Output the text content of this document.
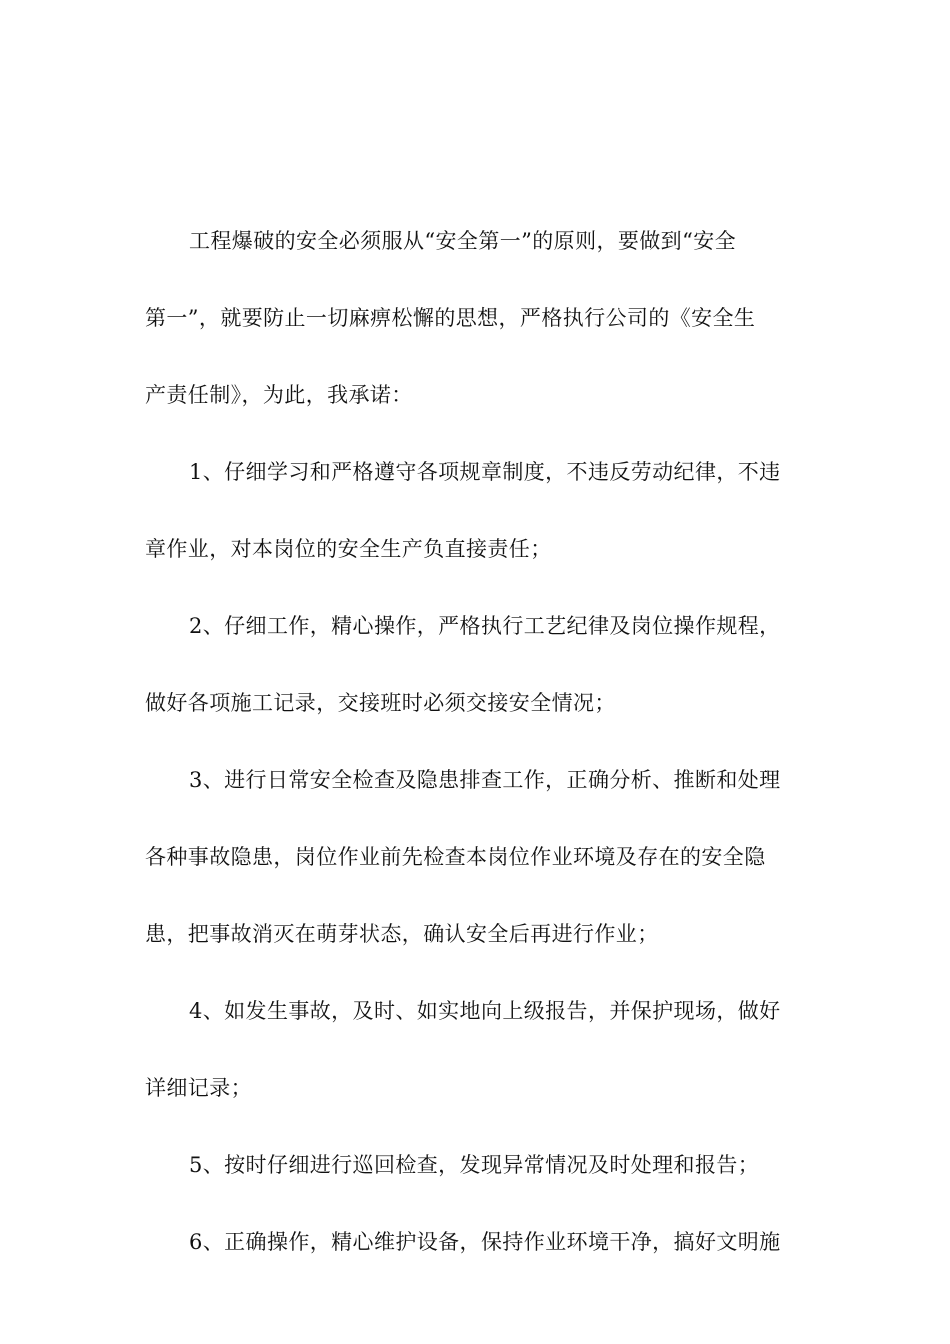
工程爆破的安全必须服从“安全第一”的原则，要做到“安全
第一”，就要防止一切麻痹松懈的思想，严格执行公司的《安全生
产责任制》，为此，我承诺：
1、仔细学习和严格遵守各项规章制度，不违反劳动纪律，不违
章作业，对本岗位的安全生产负直接责任；
2、仔细工作，精心操作，严格执行工艺纪律及岗位操作规程，
做好各项施工记录，交接班时必须交接安全情况；
3、进行日常安全检查及隐患排查工作，正确分析、推断和处理
各种事故隐患，岗位作业前先检查本岗位作业环境及存在的安全隐
患，把事故消灭在萌芽状态，确认安全后再进行作业；
4、如发生事故，及时、如实地向上级报告，并保护现场，做好
详细记录；
5、按时仔细进行巡回检查，发现异常情况及时处理和报告；
6、正确操作，精心维护设备，保持作业环境干净，搞好文明施
